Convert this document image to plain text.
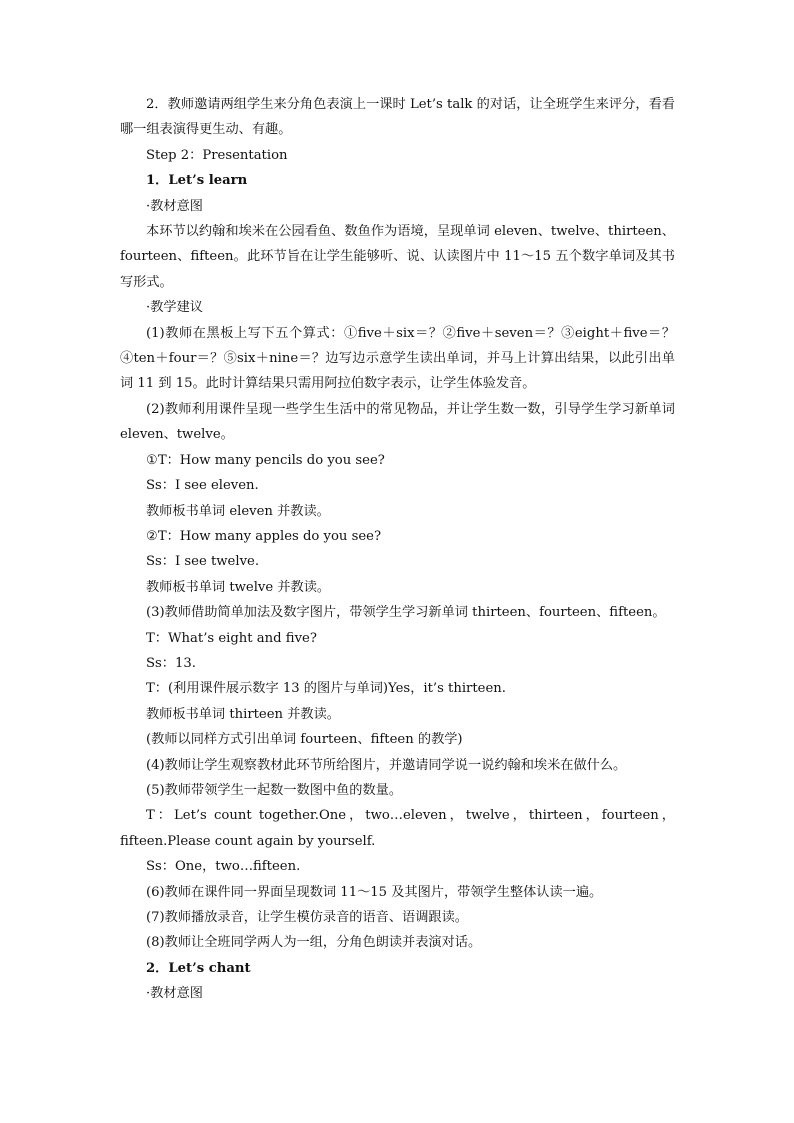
2．教师邀请两组学生来分角色表演上一课时 Let’s talk 的对话，让全班学生来评分，看看哪一组表演得更生动、有趣。

Step 2：Presentation

1．Let’s learn

·教材意图

本环节以约翰和埃米在公园看鱼、数鱼作为语境，呈现单词 eleven、twelve、thirteen、fourteen、fifteen。此环节旨在让学生能够听、说、认读图片中 11～15 五个数字单词及其书写形式。

·教学建议

(1)教师在黑板上写下五个算式：①five＋six＝？②five＋seven＝？③eight＋five＝？④ten＋four＝？⑤six＋nine＝？边写边示意学生读出单词，并马上计算出结果，以此引出单词 11 到 15。此时计算结果只需用阿拉伯数字表示，让学生体验发音。

(2)教师利用课件呈现一些学生生活中的常见物品，并让学生数一数，引导学生学习新单词 eleven、twelve。

①T：How many pencils do you see?

Ss：I see eleven.

教师板书单词 eleven 并教读。

②T：How many apples do you see?

Ss：I see twelve.

教师板书单词 twelve 并教读。

(3)教师借助简单加法及数字图片，带领学生学习新单词 thirteen、fourteen、fifteen。

T：What’s eight and five?

Ss：13.

T：(利用课件展示数字 13 的图片与单词)Yes，it’s thirteen.

教师板书单词 thirteen 并教读。

(教师以同样方式引出单词 fourteen、fifteen 的教学)

(4)教师让学生观察教材此环节所给图片，并邀请同学说一说约翰和埃米在做什么。

(5)教师带领学生一起数一数图中鱼的数量。

T：Let’s count together.One，two…eleven，twelve，thirteen，fourteen，fifteen.Please count again by yourself.

Ss：One，two…fifteen.

(6)教师在课件同一界面呈现数词 11～15 及其图片，带领学生整体认读一遍。

(7)教师播放录音，让学生模仿录音的语音、语调跟读。

(8)教师让全班同学两人为一组，分角色朗读并表演对话。

2．Let’s chant

·教材意图
